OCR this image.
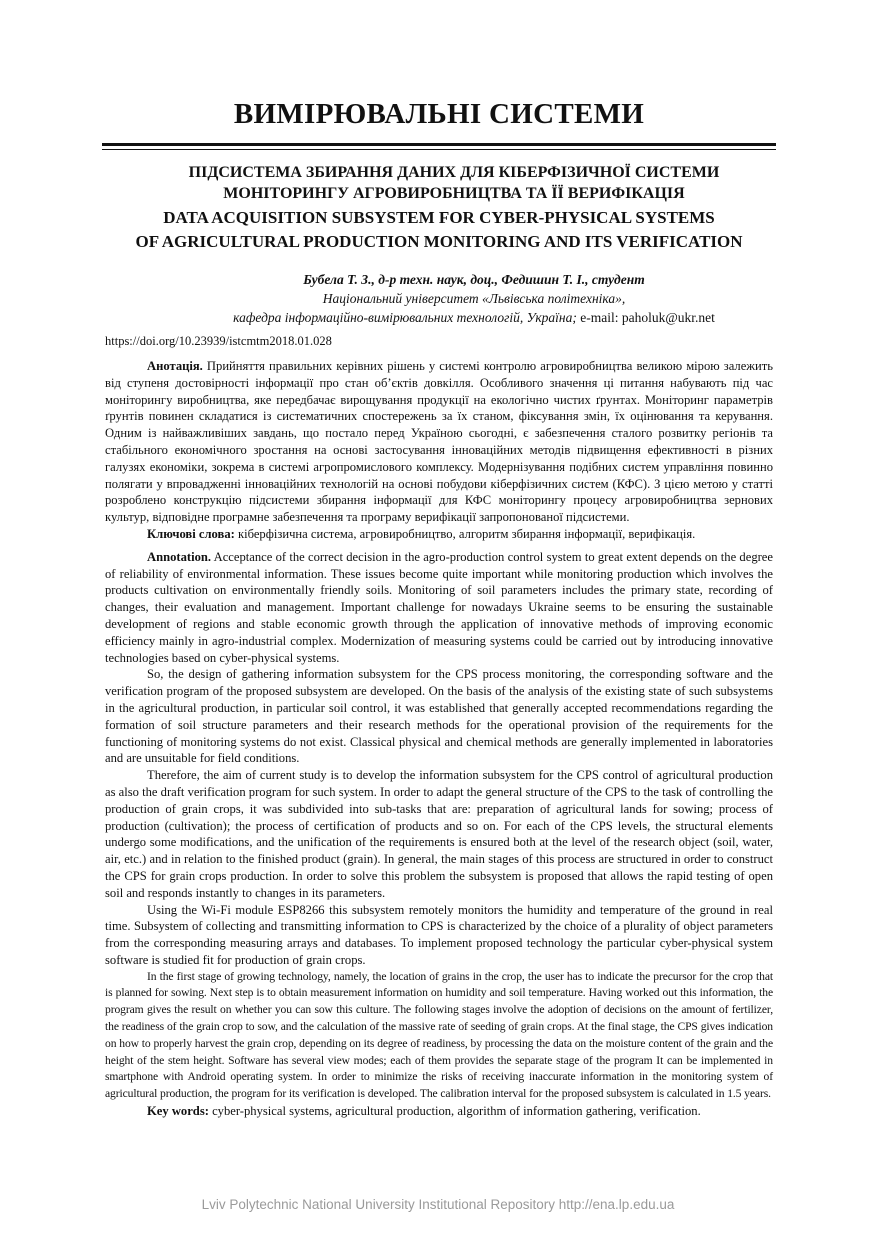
ВИМІРЮВАЛЬНІ СИСТЕМИ
ПІДСИСТЕМА ЗБИРАННЯ ДАНИХ ДЛЯ КІБЕРФІЗИЧНОЇ СИСТЕМИ
МОНІТОРИНГУ АГРОВИРОБНИЦТВА ТА ЇЇ ВЕРИФІКАЦІЯ
DATA ACQUISITION SUBSYSTEM FOR CYBER-PHYSICAL SYSTEMS
OF AGRICULTURAL PRODUCTION MONITORING AND ITS VERIFICATION
Бубела Т. З., д-р техн. наук, доц., Федишин Т. І., студент
Національний університет «Львівська політехніка»,
кафедра інформаційно-вимірювальних технологій, Україна; e-mail: paholuk@ukr.net
https://doi.org/10.23939/istcmtm2018.01.028

Анотація. Прийняття правильних керівних рішень у системі контролю агровиробництва великою мірою залежить від ступеня достовірності інформації про стан об’єктів довкілля. Особливого значення ці питання набувають під час моніторингу виробництва, яке передбачає вирощування продукції на екологічно чистих ґрунтах. Моніторинг параметрів ґрунтів повинен складатися із систематичних спостережень за їх станом, фіксування змін, їх оцінювання та керування. Одним із найважливіших завдань, що постало перед Україною сьогодні, є забезпечення сталого розвитку регіонів та стабільного економічного зростання на основі застосування інноваційних методів підвищення ефективності в різних галузях економіки, зокрема в системі агропромислового комплексу. Модернізування подібних систем управління повинно полягати у впровадженні інноваційних технологій на основі побудови кіберфізичних систем (КФС). З цією метою у статті розроблено конструкцію підсистеми збирання інформації для КФС моніторингу процесу агровиробництва зернових культур, відповідне програмне забезпечення та програму верифікації запропонованої підсистеми.

Ключові слова: кіберфізична система, агровиробництво, алгоритм збирання інформації, верифікація.

Annotation. Acceptance of the correct decision in the agro-production control system to great extent depends on the degree of reliability of environmental information. These issues become quite important while monitoring production which involves the products cultivation on environmentally friendly soils. Monitoring of soil parameters includes the primary state, recording of changes, their evaluation and management. Important challenge for nowadays Ukraine seems to be ensuring the sustainable development of regions and stable economic growth through the application of innovative methods of improving economic efficiency mainly in agro-industrial complex. Modernization of measuring systems could be carried out by introducing innovative technologies based on cyber-physical systems.

So, the design of gathering information subsystem for the CPS process monitoring, the corresponding software and the verification program of the proposed subsystem are developed. On the basis of the analysis of the existing state of such subsystems in the agricultural production, in particular soil control, it was established that generally accepted recommendations regarding the formation of soil structure parameters and their research methods for the operational provision of the requirements for the functioning of monitoring systems do not exist. Classical physical and chemical methods are generally implemented in laboratories and are unsuitable for field conditions.

Therefore, the aim of current study is to develop the information subsystem for the CPS control of agricultural production as also the draft verification program for such system. In order to adapt the general structure of the CPS to the task of controlling the production of grain crops, it was subdivided into sub-tasks that are: preparation of agricultural lands for sowing; process of production (cultivation); the process of certification of products and so on. For each of the CPS levels, the structural elements undergo some modifications, and the unification of the requirements is ensured both at the level of the research object (soil, water, air, etc.) and in relation to the finished product (grain). In general, the main stages of this process are structured in order to construct the CPS for grain crops production. In order to solve this problem the subsystem is proposed that allows the rapid testing of open soil and responds instantly to changes in its parameters.

Using the Wi-Fi module ESP8266 this subsystem remotely monitors the humidity and temperature of the ground in real time. Subsystem of collecting and transmitting information to CPS is characterized by the choice of a plurality of object parameters from the corresponding measuring arrays and databases. To implement proposed technology the particular cyber-physical system software is studied fit for production of grain crops.

In the first stage of growing technology, namely, the location of grains in the crop, the user has to indicate the precursor for the crop that is planned for sowing. Next step is to obtain measurement information on humidity and soil temperature. Having worked out this information, the program gives the result on whether you can sow this culture. The following stages involve the adoption of decisions on the amount of fertilizer, the readiness of the grain crop to sow, and the calculation of the massive rate of seeding of grain crops. At the final stage, the CPS gives indication on how to properly harvest the grain crop, depending on its degree of readiness, by processing the data on the moisture content of the grain and the height of the stem height. Software has several view modes; each of them provides the separate stage of the program It can be implemented in smartphone with Android operating system. In order to minimize the risks of receiving inaccurate information in the monitoring system of agricultural production, the program for its verification is developed. The calibration interval for the proposed subsystem is calculated in 1.5 years.

Key words: cyber-physical systems, agricultural production, algorithm of information gathering, verification.

Lviv Polytechnic National University Institutional Repository http://ena.lp.edu.ua
